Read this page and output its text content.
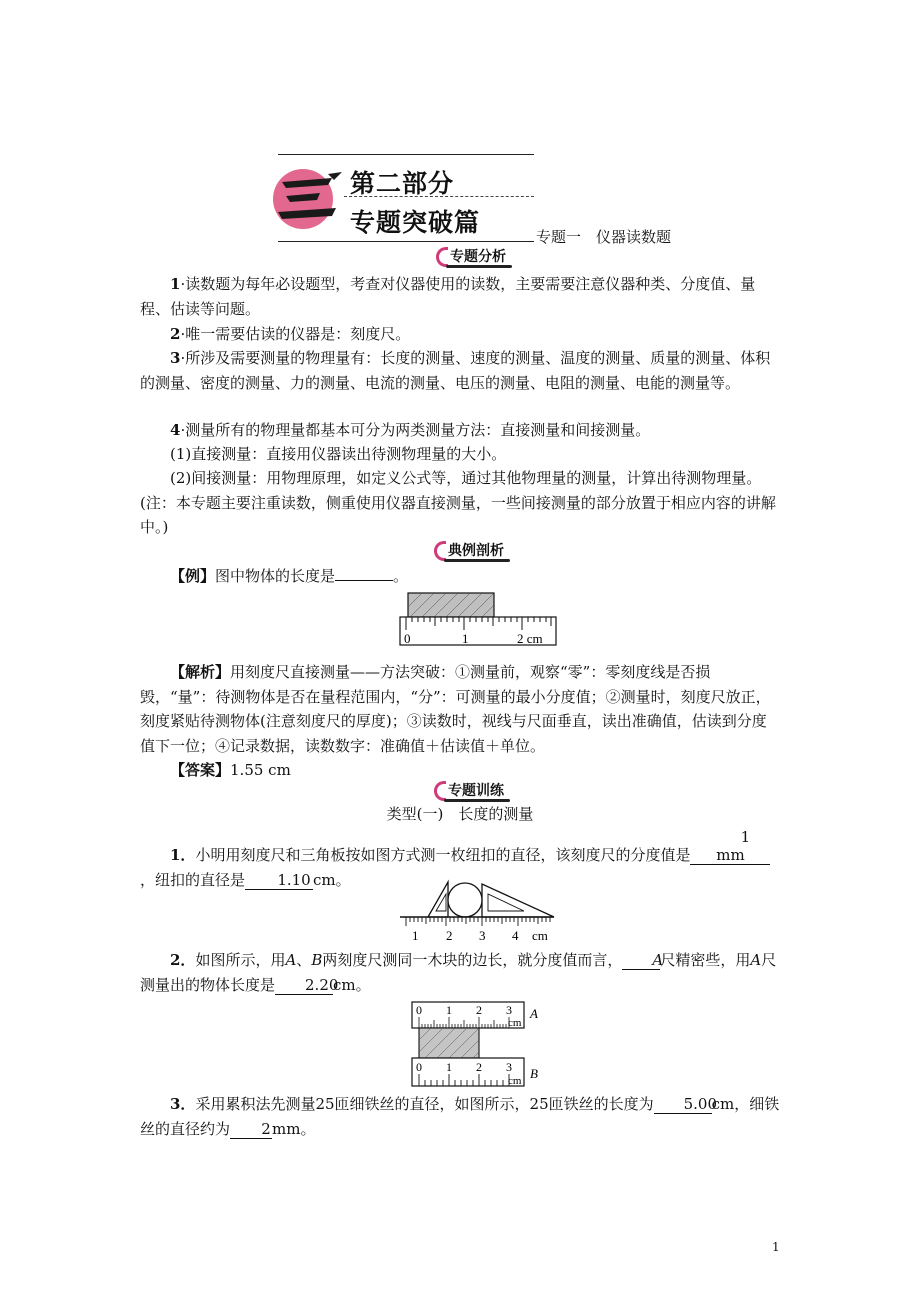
第二部分
专题突破篇	专题一　仪器读数题
专题分析

1·读数题为每年必设题型，考查对仪器使用的读数，主要需要注意仪器种类、分度值、量程、估读等问题。

2·唯一需要估读的仪器是：刻度尺。

3·所涉及需要测量的物理量有：长度的测量、速度的测量、温度的测量、质量的测量、体积的测量、密度的测量、力的测量、电流的测量、电压的测量、电阻的测量、电能的测量等。

4·测量所有的物理量都基本可分为两类测量方法：直接测量和间接测量。

(1)直接测量：直接用仪器读出待测物理量的大小。

(2)间接测量：用物理原理，如定义公式等，通过其他物理量的测量，计算出待测物理量。(注：本专题主要注重读数，侧重使用仪器直接测量，一些间接测量的部分放置于相应内容的讲解中。)

典例剖析

【例】图中物体的长度是	。

0	1	2 cm

【解析】用刻度尺直接测量——方法突破：①测量前，观察“零”：零刻度线是否损毁，“量”：待测物体是否在量程范围内，“分”：可测量的最小分度值；②测量时，刻度尺放正，刻度紧贴待测物体(注意刻度尺的厚度)；③读数时，视线与尺面垂直，读出准确值，估读到分度值下一位；④记录数据，读数数字：准确值＋估读值＋单位。

【答案】1.55 cm

专题训练

类型(一)　长度的测量

1．小明用刻度尺和三角板按如图方式测一枚纽扣的直径，该刻度尺的分度值是1　mm，纽扣的直径是 1.10 cm。

1 2 3 4 cm

2．如图所示，用A、B两刻度尺测同一木块的边长，就分度值而言， A尺精密些，用A尺测量出的物体长度是 2.20cm。

0 1 2 3
cm
A
0 1 2 3
cm B

3．采用累积法先测量25匝细铁丝的直径，如图所示，25匝铁丝的长度为 5.00cm，细铁丝的直径约为 2mm。

1
